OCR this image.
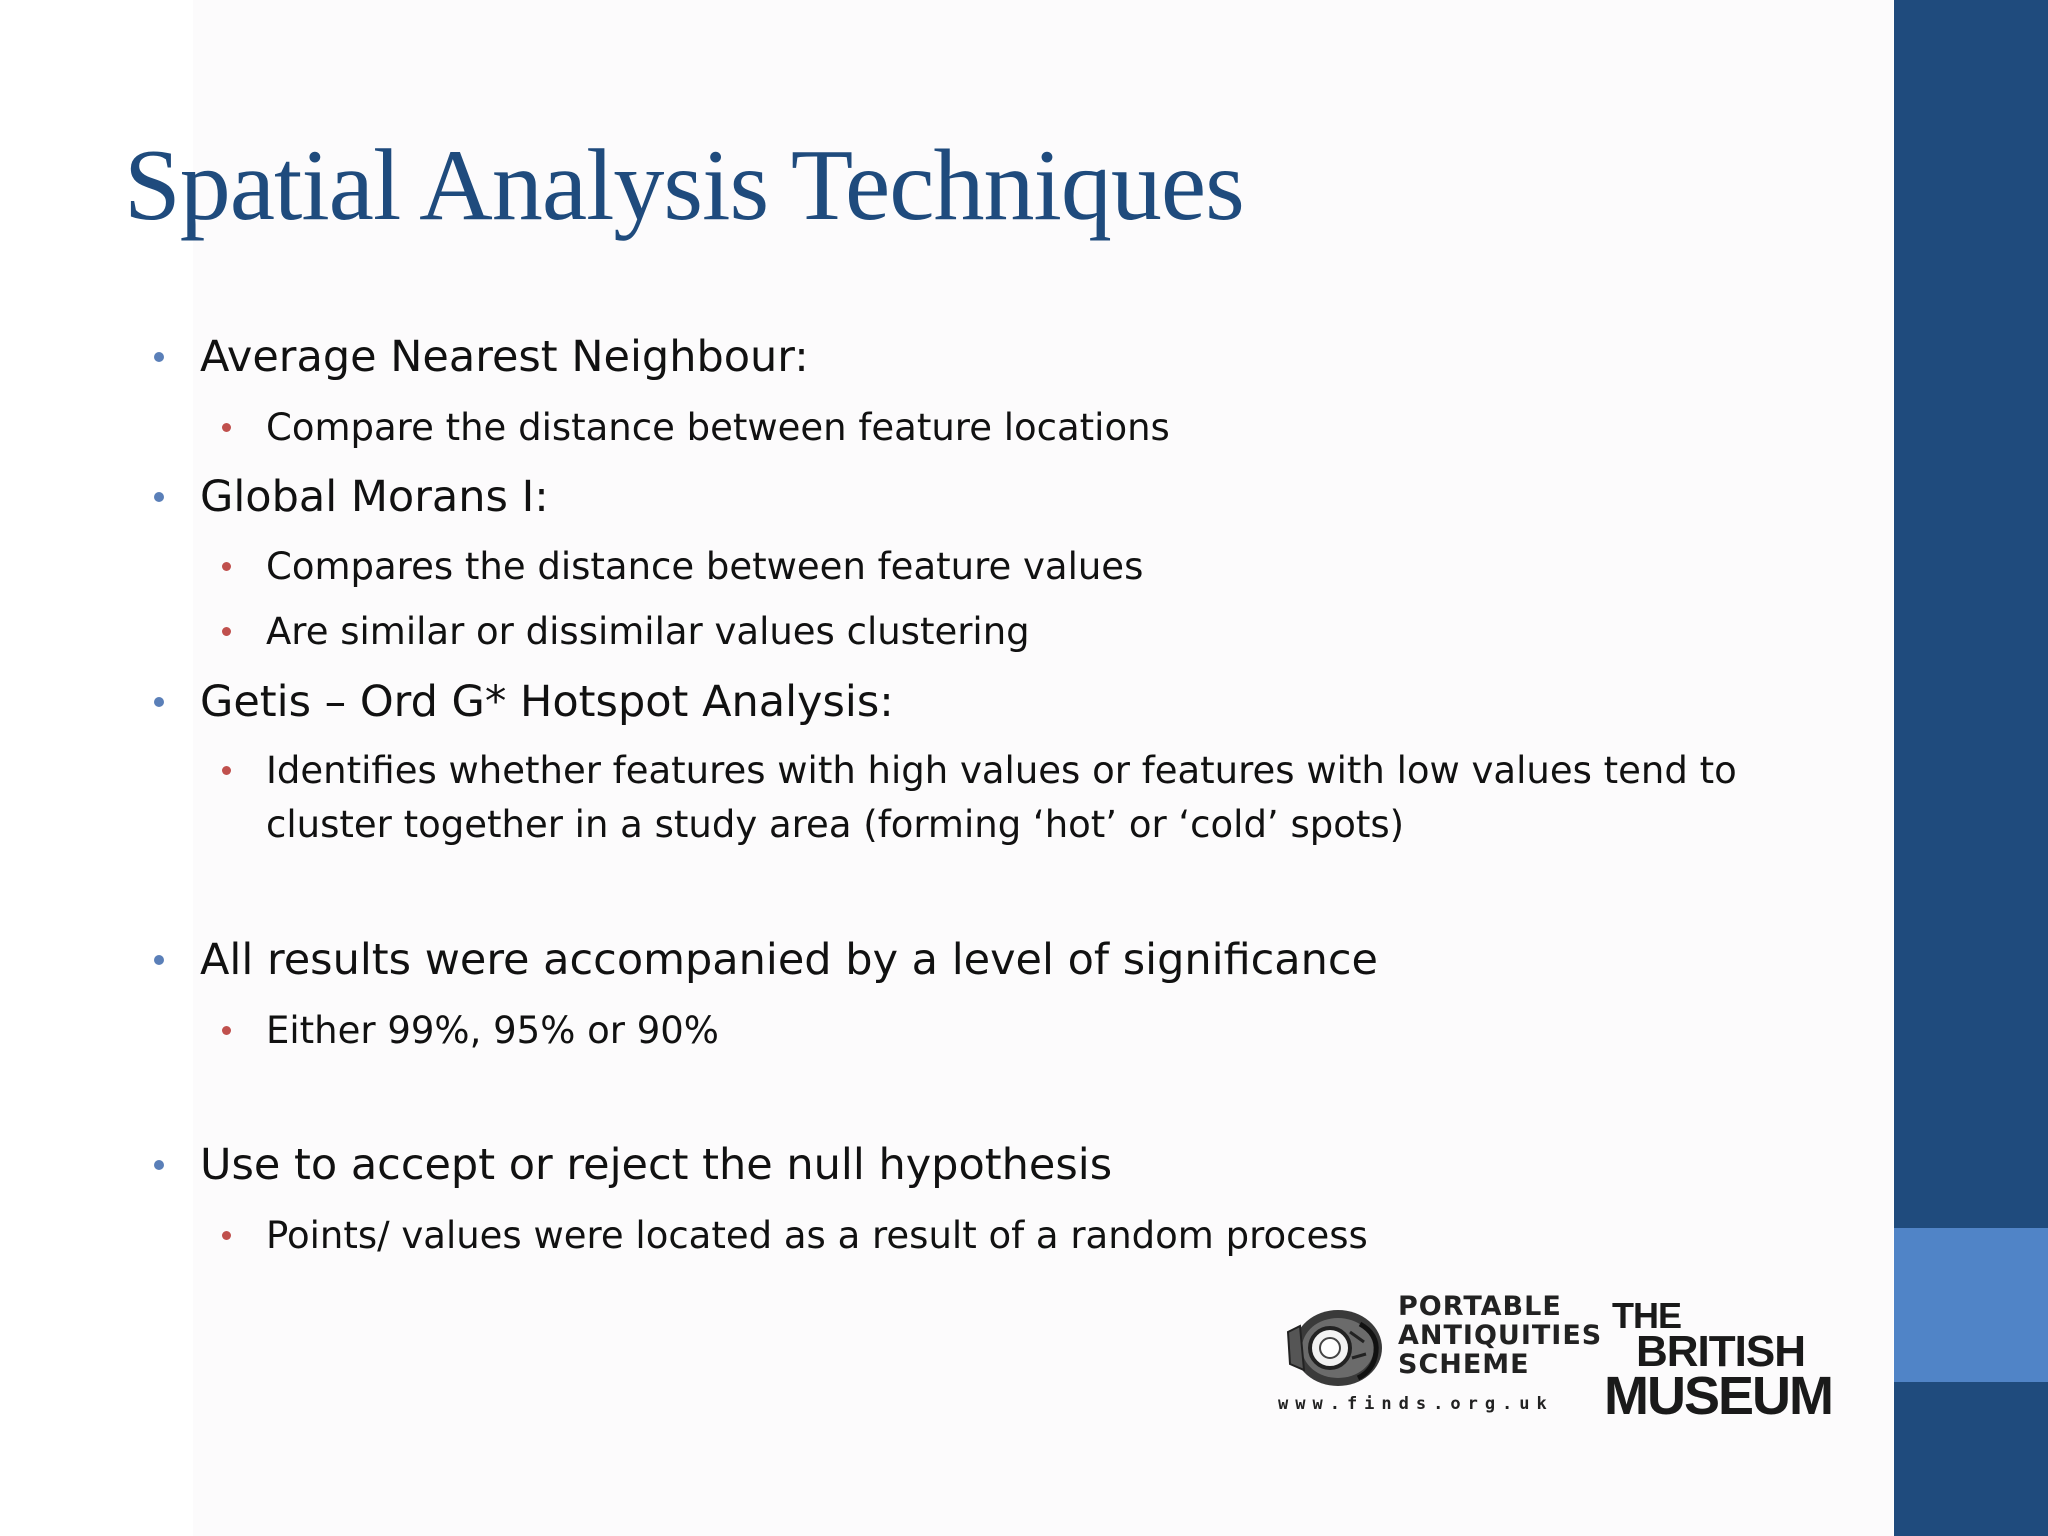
Spatial Analysis Techniques
Average Nearest Neighbour:
Compare the distance between feature locations
Global Morans I:
Compares the distance between feature values
Are similar or dissimilar values clustering
Getis – Ord G* Hotspot Analysis:
Identifies whether features with high values or features with low values tend to cluster together in a study area (forming ‘hot’ or ‘cold’ spots)
All results were accompanied by a level of significance
Either 99%, 95% or 90%
Use to accept or reject the null hypothesis
Points/ values were located as a result of a random process
PORTABLE ANTIQUITIES SCHEME
www.finds.org.uk
THE
BRITISH
MUSEUM
